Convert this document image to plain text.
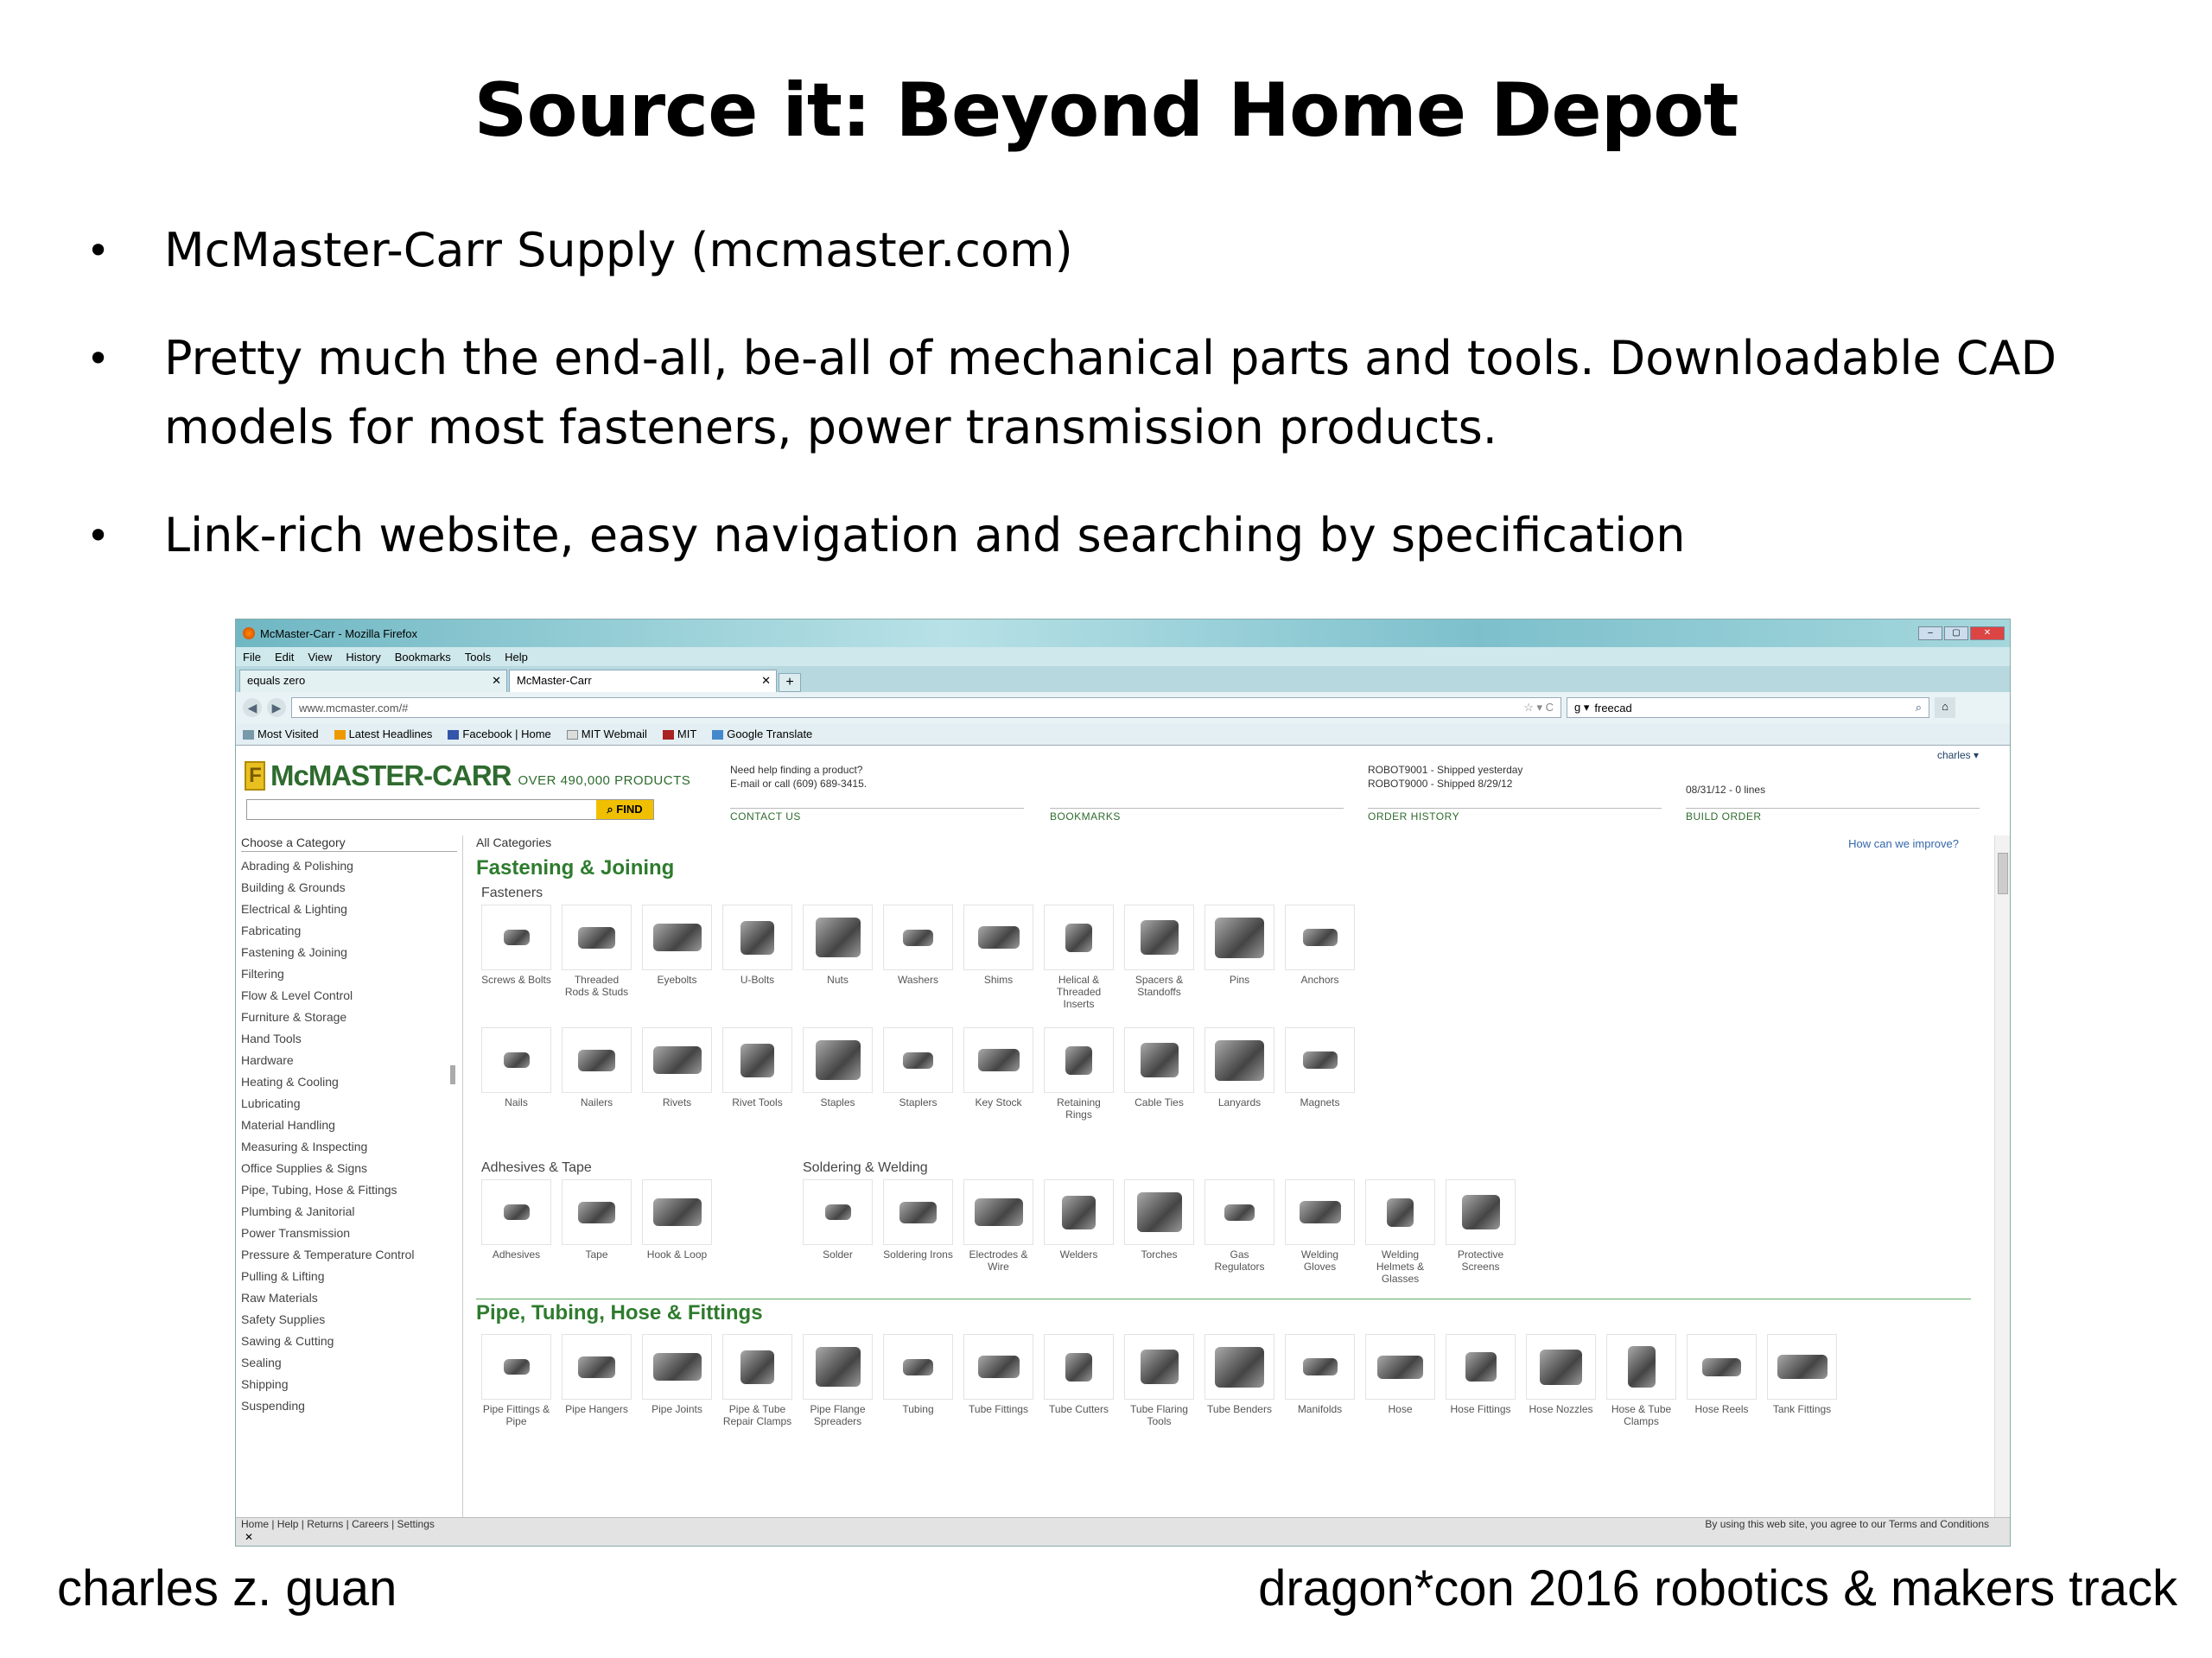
Source it: Beyond Home Depot
• McMaster-Carr Supply (mcmaster.com)
• Pretty much the end-all, be-all of mechanical parts and tools. Downloadable CAD models for most fasteners, power transmission products.
• Link-rich website, easy navigation and searching by specification
McMaster-Carr - Mozilla Firefox	–	▢	✕
File Edit View History Bookmarks Tools Help
equals zero	✕	McMaster-Carr	✕	+
◀	▶	www.mcmaster.com/#	☆ ▾ C g ▾ freecad	⌕	⌂
Most Visited	Latest Headlines	Facebook | Home	MIT Webmail	MIT	Google Translate
F McMASTER-CARR OVER 490,000 PRODUCTS
⌕ FIND
Need help finding a product?
E-mail or call (609) 689-3415.
CONTACT US	BOOKMARKS
ROBOT9001 - Shipped yesterday
ROBOT9000 - Shipped 8/29/12
ORDER HISTORY
08/31/12 - 0 lines
BUILD ORDER
charles ▾
Choose a Category
Abrading & Polishing
Building & Grounds
Electrical & Lighting
Fabricating
Fastening & Joining
Filtering
Flow & Level Control
Furniture & Storage
Hand Tools
Hardware
Heating & Cooling
Lubricating
Material Handling
Measuring & Inspecting
Office Supplies & Signs
Pipe, Tubing, Hose & Fittings
Plumbing & Janitorial
Power Transmission
Pressure & Temperature Control
Pulling & Lifting
Raw Materials
Safety Supplies
Sawing & Cutting
Sealing
Shipping
Suspending
All Categories	How can we improve?
Fastening & Joining
Fasteners
Screws & Bolts	Threaded Rods & Studs
Eyebolts	U-Bolts	Nuts	Washers	Shims	Helical & Threaded Inserts
Spacers & Standoffs
Pins	Anchors
Nails	Nailers	Rivets	Rivet Tools	Staples	Staplers	Key Stock	Retaining Rings
Cable Ties	Lanyards	Magnets
Adhesives & Tape
Adhesives	Tape	Hook & Loop
Soldering & Welding
Solder	Soldering Irons	Electrodes & Wire
Welders	Torches	Gas Regulators
Welding Gloves
Welding Helmets & Glasses
Protective Screens
Pipe, Tubing, Hose & Fittings
Pipe Fittings & Pipe
Pipe Hangers	Pipe Joints	Pipe & Tube Repair Clamps
Pipe Flange Spreaders
Tubing	Tube Fittings	Tube Cutters	Tube Flaring Tools
Tube Benders	Manifolds	Hose	Hose Fittings	Hose Nozzles	Hose & Tube Clamps
Hose Reels	Tank Fittings
Home | Help | Returns | Careers | Settings	By using this web site, you agree to our Terms and Conditions
✕
charles z. guan	dragon*con 2016 robotics & makers track
